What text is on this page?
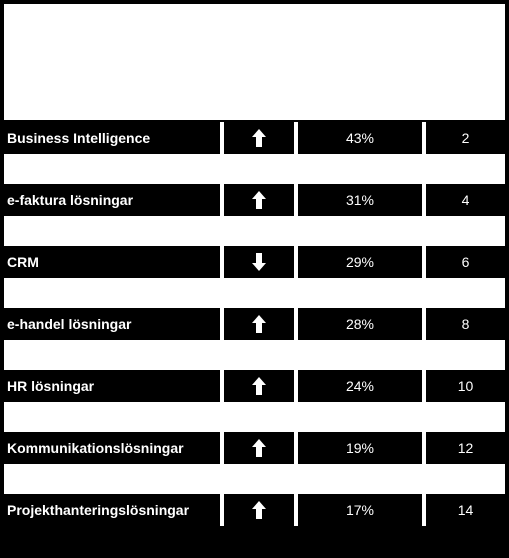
Business Intelligence	43%	2
e-faktura lösningar	31%	4
CRM	29%	6
e-handel lösningar	28%	8
HR lösningar	24%	10
Kommunikationslösningar	19%	12
Projekthanteringslösningar	17%	14
